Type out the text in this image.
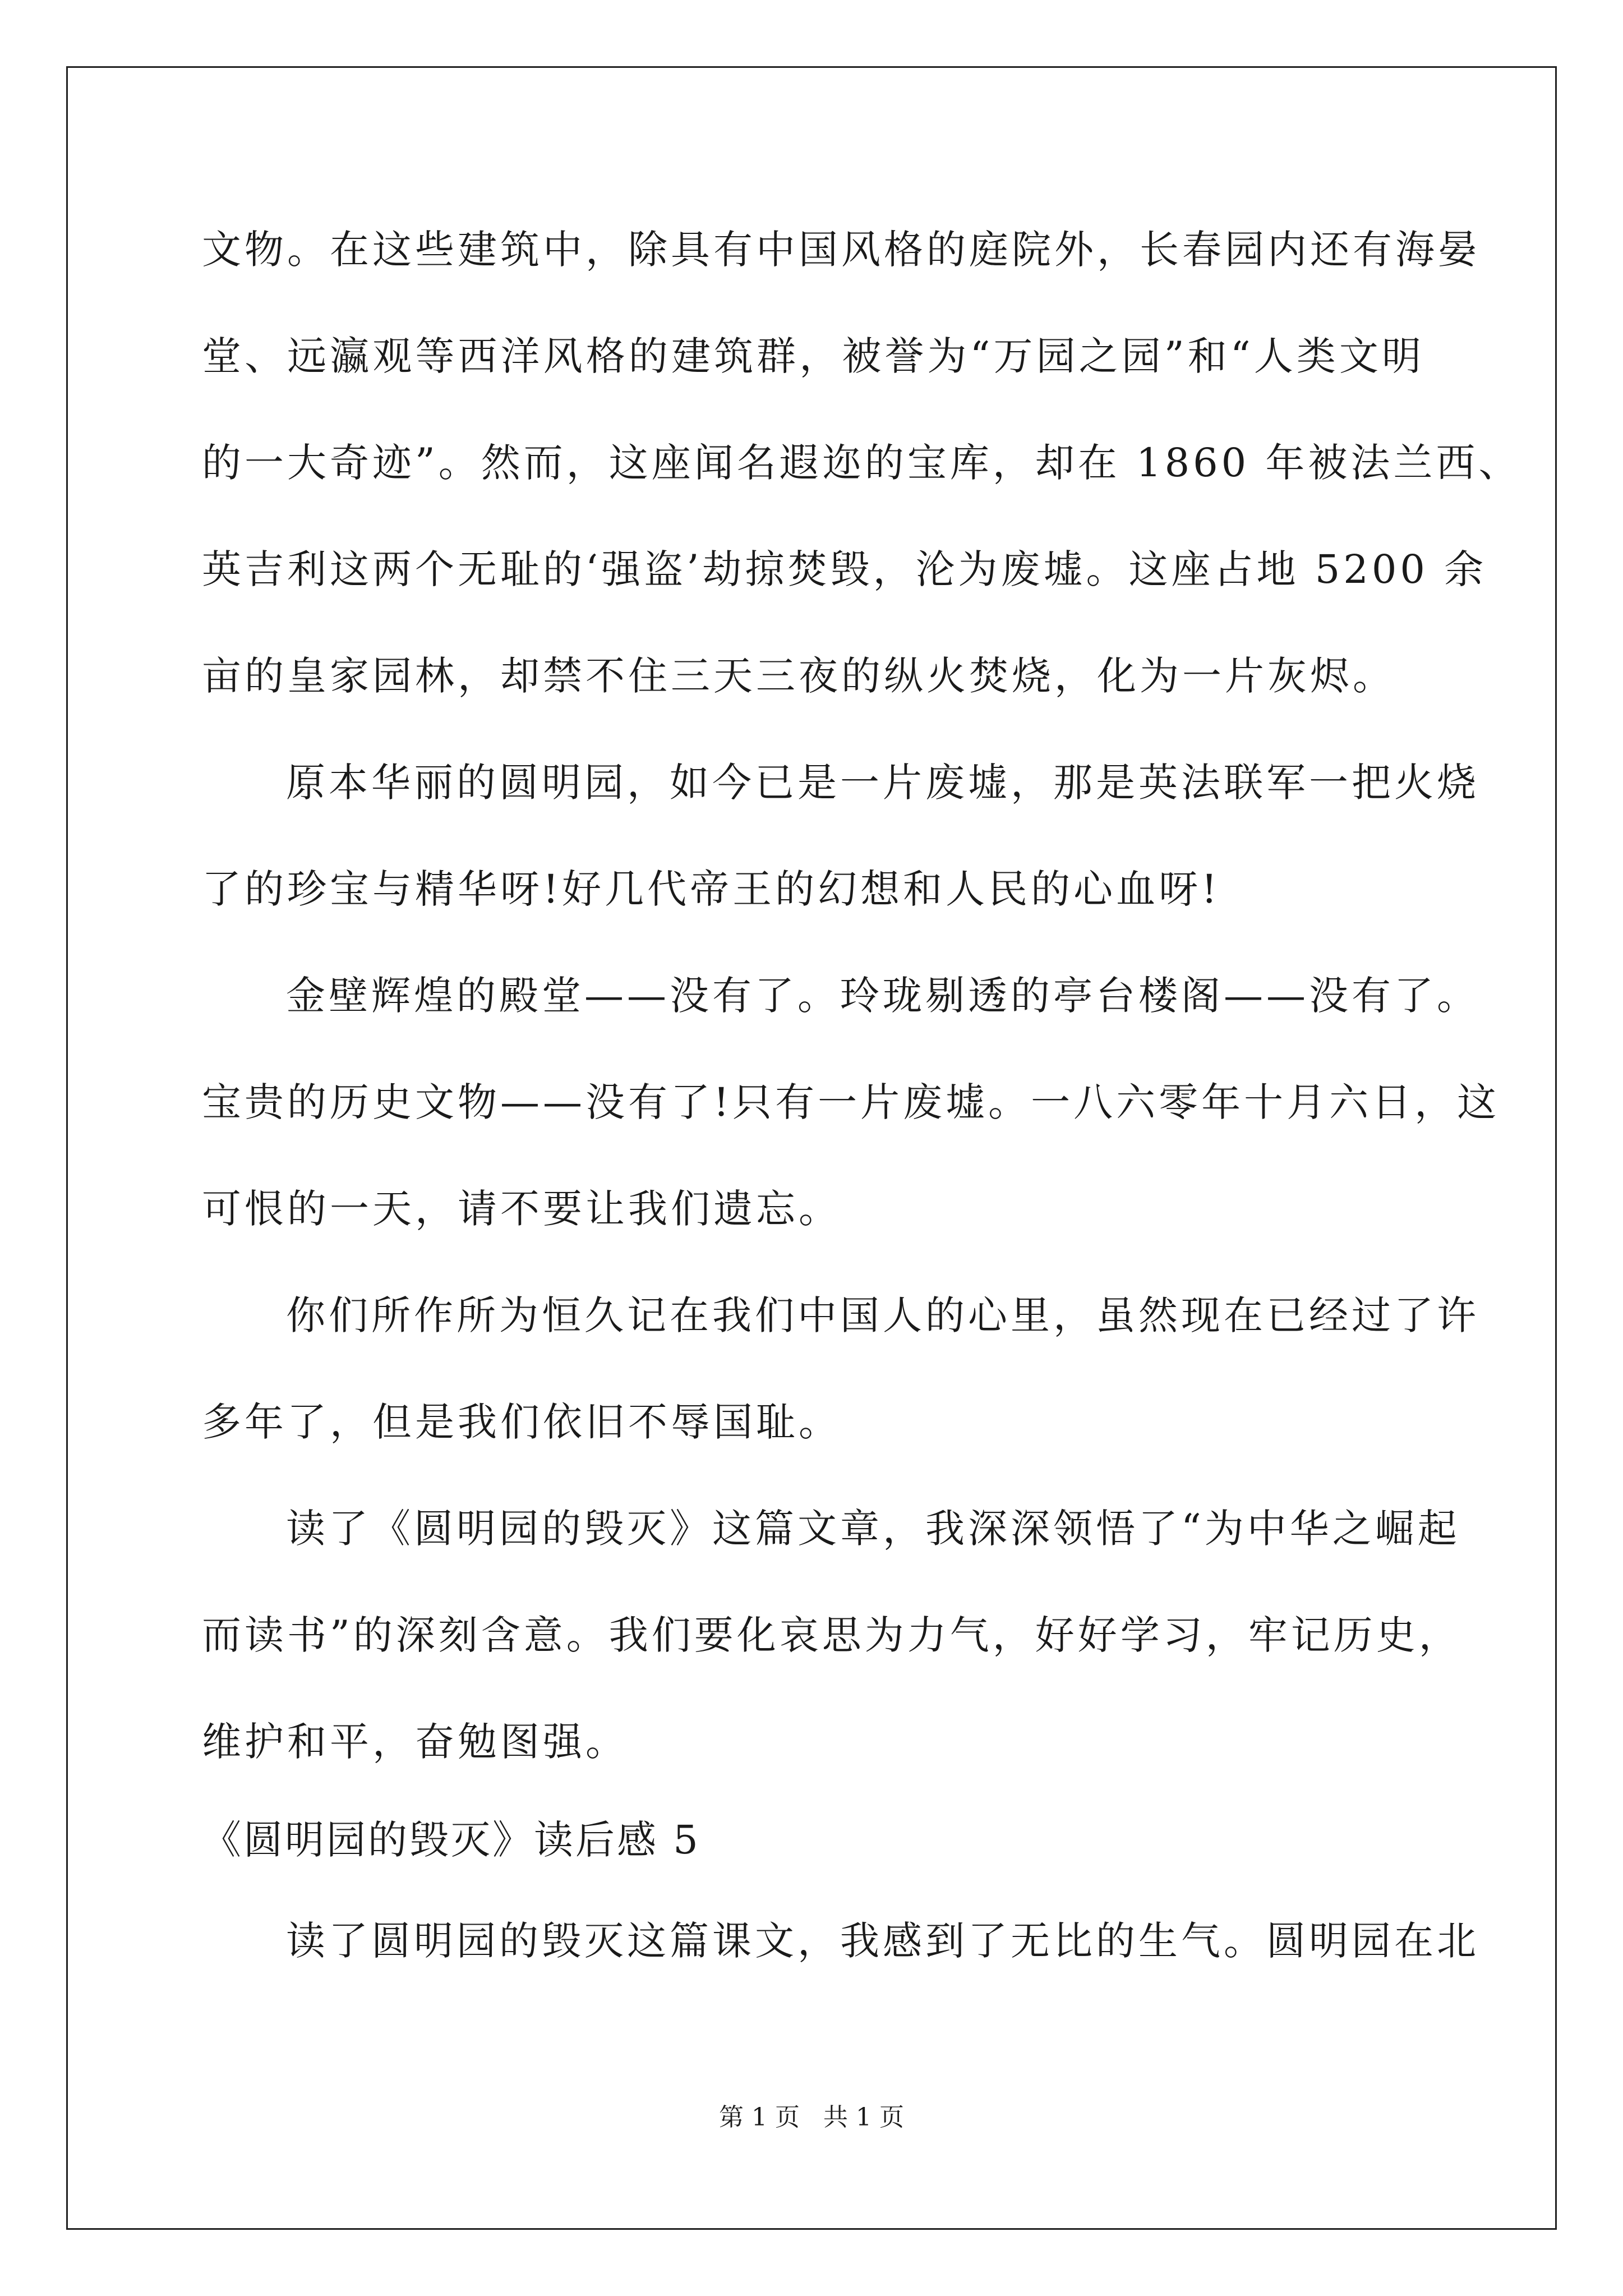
文物。在这些建筑中，除具有中国风格的庭院外，长春园内还有海晏
堂、远瀛观等西洋风格的建筑群，被誉为“万园之园”和“人类文明
的一大奇迹”。然而，这座闻名遐迩的宝库，却在 1860 年被法兰西、
英吉利这两个无耻的‘强盗’劫掠焚毁，沦为废墟。这座占地 5200 余
亩的皇家园林，却禁不住三天三夜的纵火焚烧，化为一片灰烬。
原本华丽的圆明园，如今已是一片废墟，那是英法联军一把火烧
了的珍宝与精华呀!好几代帝王的幻想和人民的心血呀!
金壁辉煌的殿堂——没有了。玲珑剔透的亭台楼阁——没有了。
宝贵的历史文物——没有了!只有一片废墟。一八六零年十月六日，这
可恨的一天，请不要让我们遗忘。
你们所作所为恒久记在我们中国人的心里，虽然现在已经过了许
多年了，但是我们依旧不辱国耻。
读了《圆明园的毁灭》这篇文章，我深深领悟了“为中华之崛起
而读书”的深刻含意。我们要化哀思为力气，好好学习，牢记历史，
维护和平，奋勉图强。
《圆明园的毁灭》读后感 5
读了圆明园的毁灭这篇课文，我感到了无比的生气。圆明园在北
第 1 页   共 1 页
